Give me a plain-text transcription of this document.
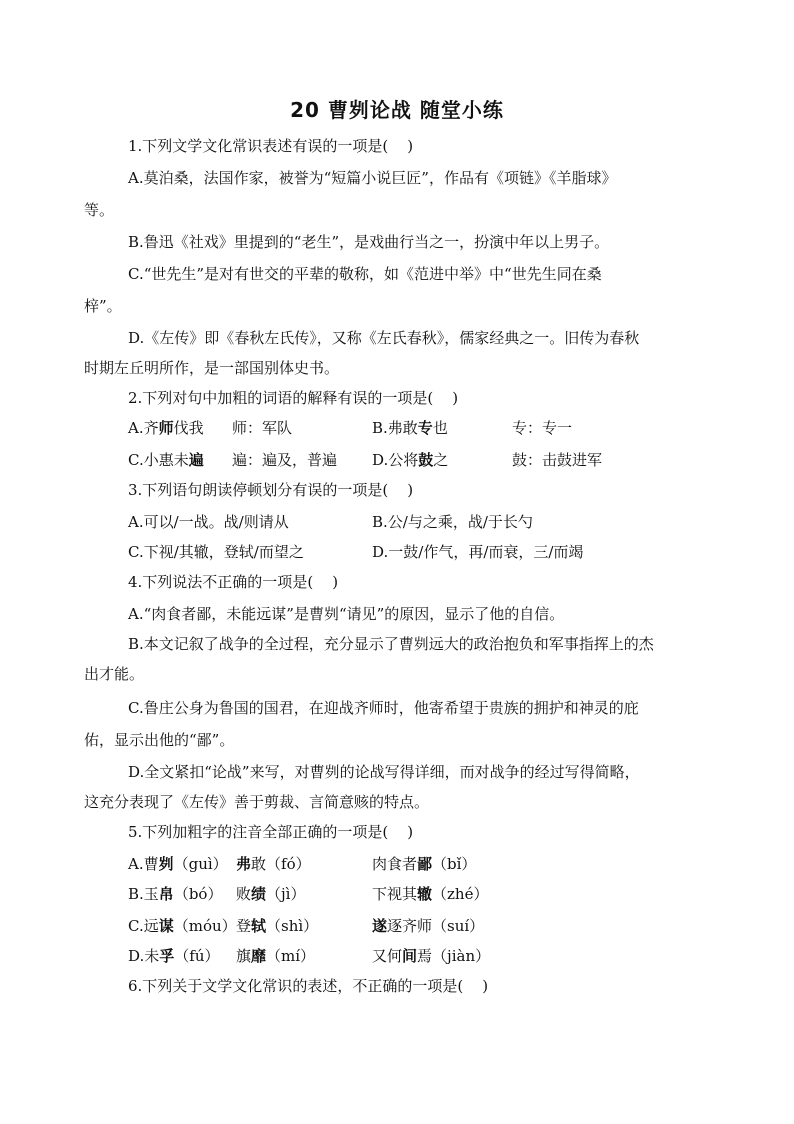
20 曹刿论战 随堂小练
1.下列文学文化常识表述有误的一项是(    )
A.莫泊桑，法国作家，被誉为“短篇小说巨匠”，作品有《项链》《羊脂球》
等。
B.鲁迅《社戏》里提到的“老生”，是戏曲行当之一，扮演中年以上男子。
C.“世先生”是对有世交的平辈的敬称，如《范进中举》中“世先生同在桑
梓”。
D.《左传》即《春秋左氏传》，又称《左氏春秋》，儒家经典之一。旧传为春秋
时期左丘明所作，是一部国别体史书。
2.下列对句中加粗的词语的解释有误的一项是(    )
A.齐师伐我 师：军队	B.弗敢专也	专：专一
C.小惠未遍 遍：遍及，普遍 D.公将鼓之	鼓：击鼓进军
3.下列语句朗读停顿划分有误的一项是(    )
A.可以/一战。战/则请从	B.公/与之乘，战/于长勺
C.下视/其辙，登轼/而望之	D.一鼓/作气，再/而衰，三/而竭
4.下列说法不正确的一项是(    )
A.“肉食者鄙，未能远谋”是曹刿“请见”的原因，显示了他的自信。
B.本文记叙了战争的全过程，充分显示了曹刿远大的政治抱负和军事指挥上的杰
出才能。
C.鲁庄公身为鲁国的国君，在迎战齐师时，他寄希望于贵族的拥护和神灵的庇
佑，显示出他的“鄙”。
D.全文紧扣“论战”来写，对曹刿的论战写得详细，而对战争的经过写得简略，
这充分表现了《左传》善于剪裁、言简意赅的特点。
5.下列加粗字的注音全部正确的一项是(    )
A.曹刿（guì） 弗敢（fó）	肉食者鄙（bǐ）
B.玉帛（bó） 败绩（jì）	下视其辙（zhé）
C.远谋（móu） 登轼（shì）	遂逐齐师（suí）
D.未孚（fú） 旗靡（mí）	又何间焉（jiàn）
6.下列关于文学文化常识的表述，不正确的一项是(    )
